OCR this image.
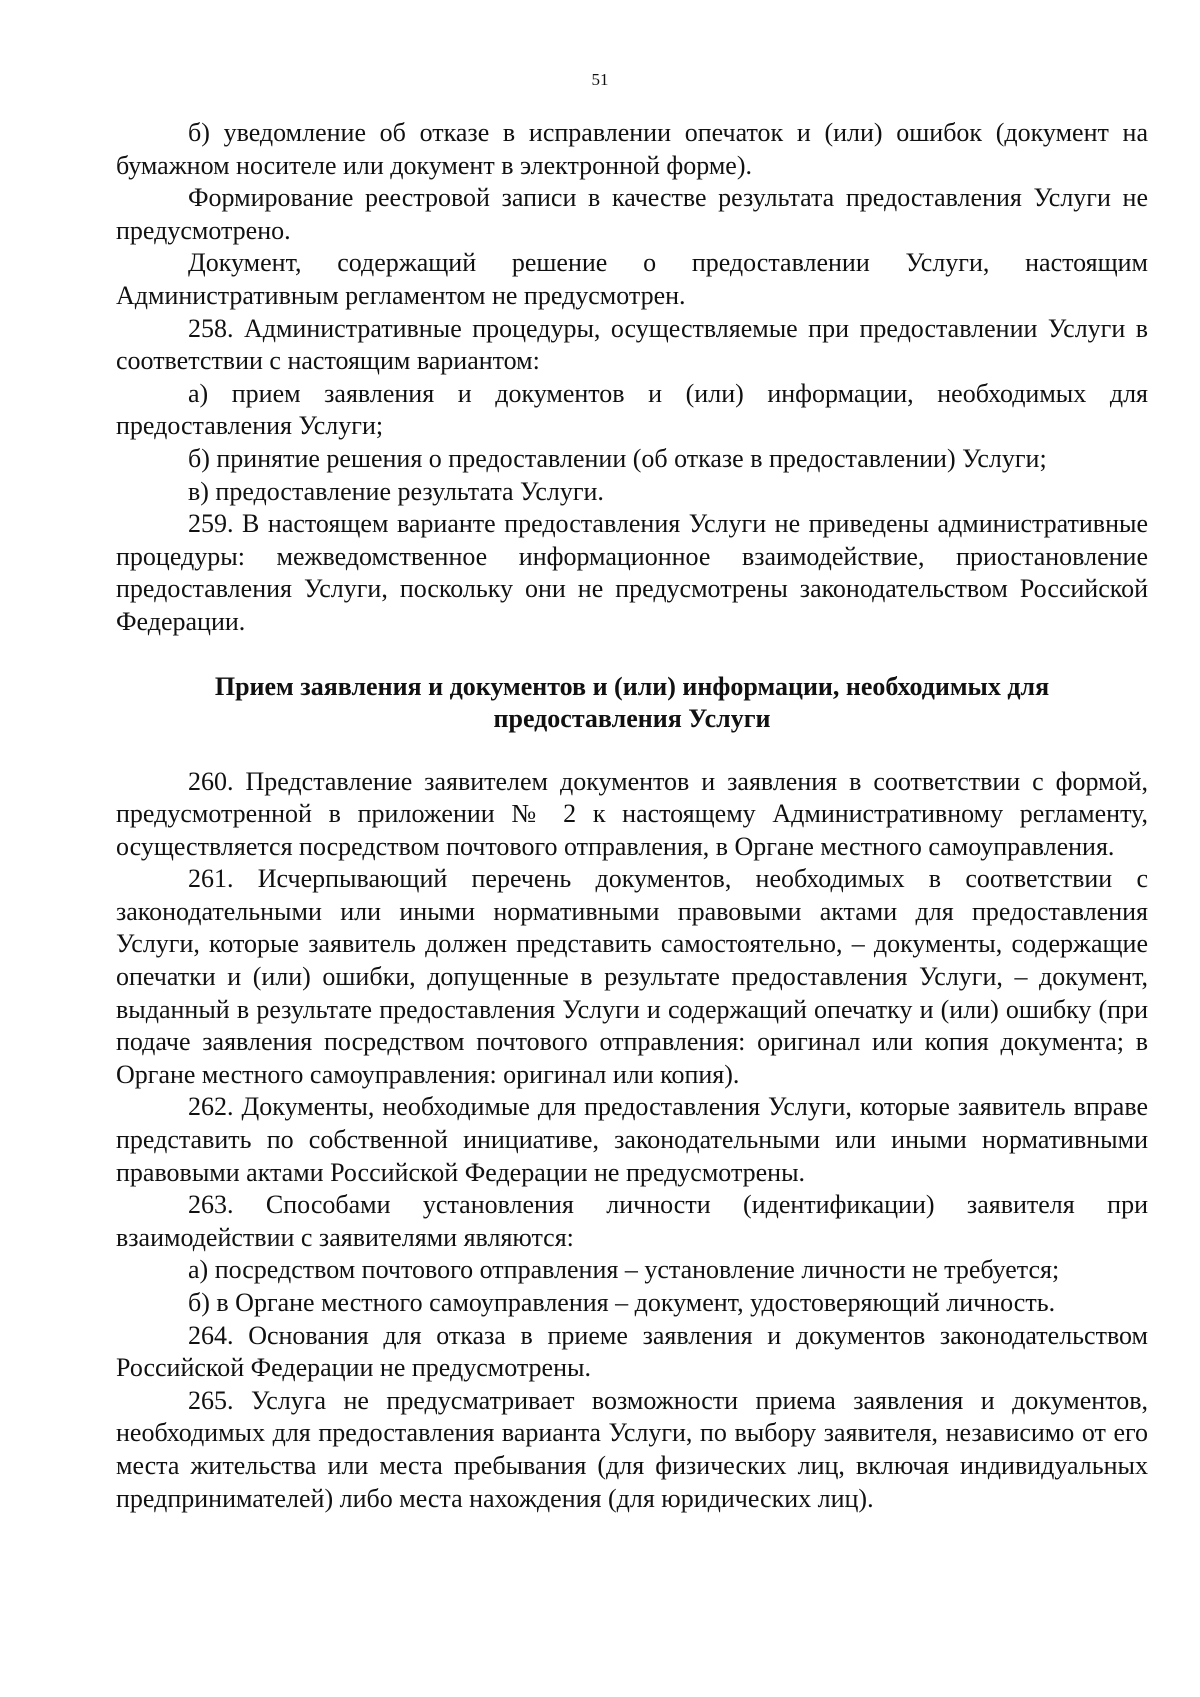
51

б) уведомление об отказе в исправлении опечаток и (или) ошибок (документ на бумажном носителе или документ в электронной форме).

Формирование реестровой записи в качестве результата предоставления Услуги не предусмотрено.

Документ, содержащий решение о предоставлении Услуги, настоящим Административным регламентом не предусмотрен.

258. Административные процедуры, осуществляемые при предоставлении Услуги в соответствии с настоящим вариантом:

а) прием заявления и документов и (или) информации, необходимых для предоставления Услуги;

б) принятие решения о предоставлении (об отказе в предоставлении) Услуги;

в) предоставление результата Услуги.

259. В настоящем варианте предоставления Услуги не приведены административные процедуры: межведомственное информационное взаимодействие, приостановление предоставления Услуги, поскольку они не предусмотрены законодательством Российской Федерации.

Прием заявления и документов и (или) информации, необходимых для предоставления Услуги

260. Представление заявителем документов и заявления в соответствии с формой, предусмотренной в приложении № 2 к настоящему Административному регламенту, осуществляется посредством почтового отправления, в Органе местного самоуправления.

261. Исчерпывающий перечень документов, необходимых в соответствии с законодательными или иными нормативными правовыми актами для предоставления Услуги, которые заявитель должен представить самостоятельно, – документы, содержащие опечатки и (или) ошибки, допущенные в результате предоставления Услуги, – документ, выданный в результате предоставления Услуги и содержащий опечатку и (или) ошибку (при подаче заявления посредством почтового отправления: оригинал или копия документа; в Органе местного самоуправления: оригинал или копия).

262. Документы, необходимые для предоставления Услуги, которые заявитель вправе представить по собственной инициативе, законодательными или иными нормативными правовыми актами Российской Федерации не предусмотрены.

263. Способами установления личности (идентификации) заявителя при взаимодействии с заявителями являются:

а) посредством почтового отправления – установление личности не требуется;

б) в Органе местного самоуправления – документ, удостоверяющий личность.

264. Основания для отказа в приеме заявления и документов законодательством Российской Федерации не предусмотрены.

265. Услуга не предусматривает возможности приема заявления и документов, необходимых для предоставления варианта Услуги, по выбору заявителя, независимо от его места жительства или места пребывания (для физических лиц, включая индивидуальных предпринимателей) либо места нахождения (для юридических лиц).
